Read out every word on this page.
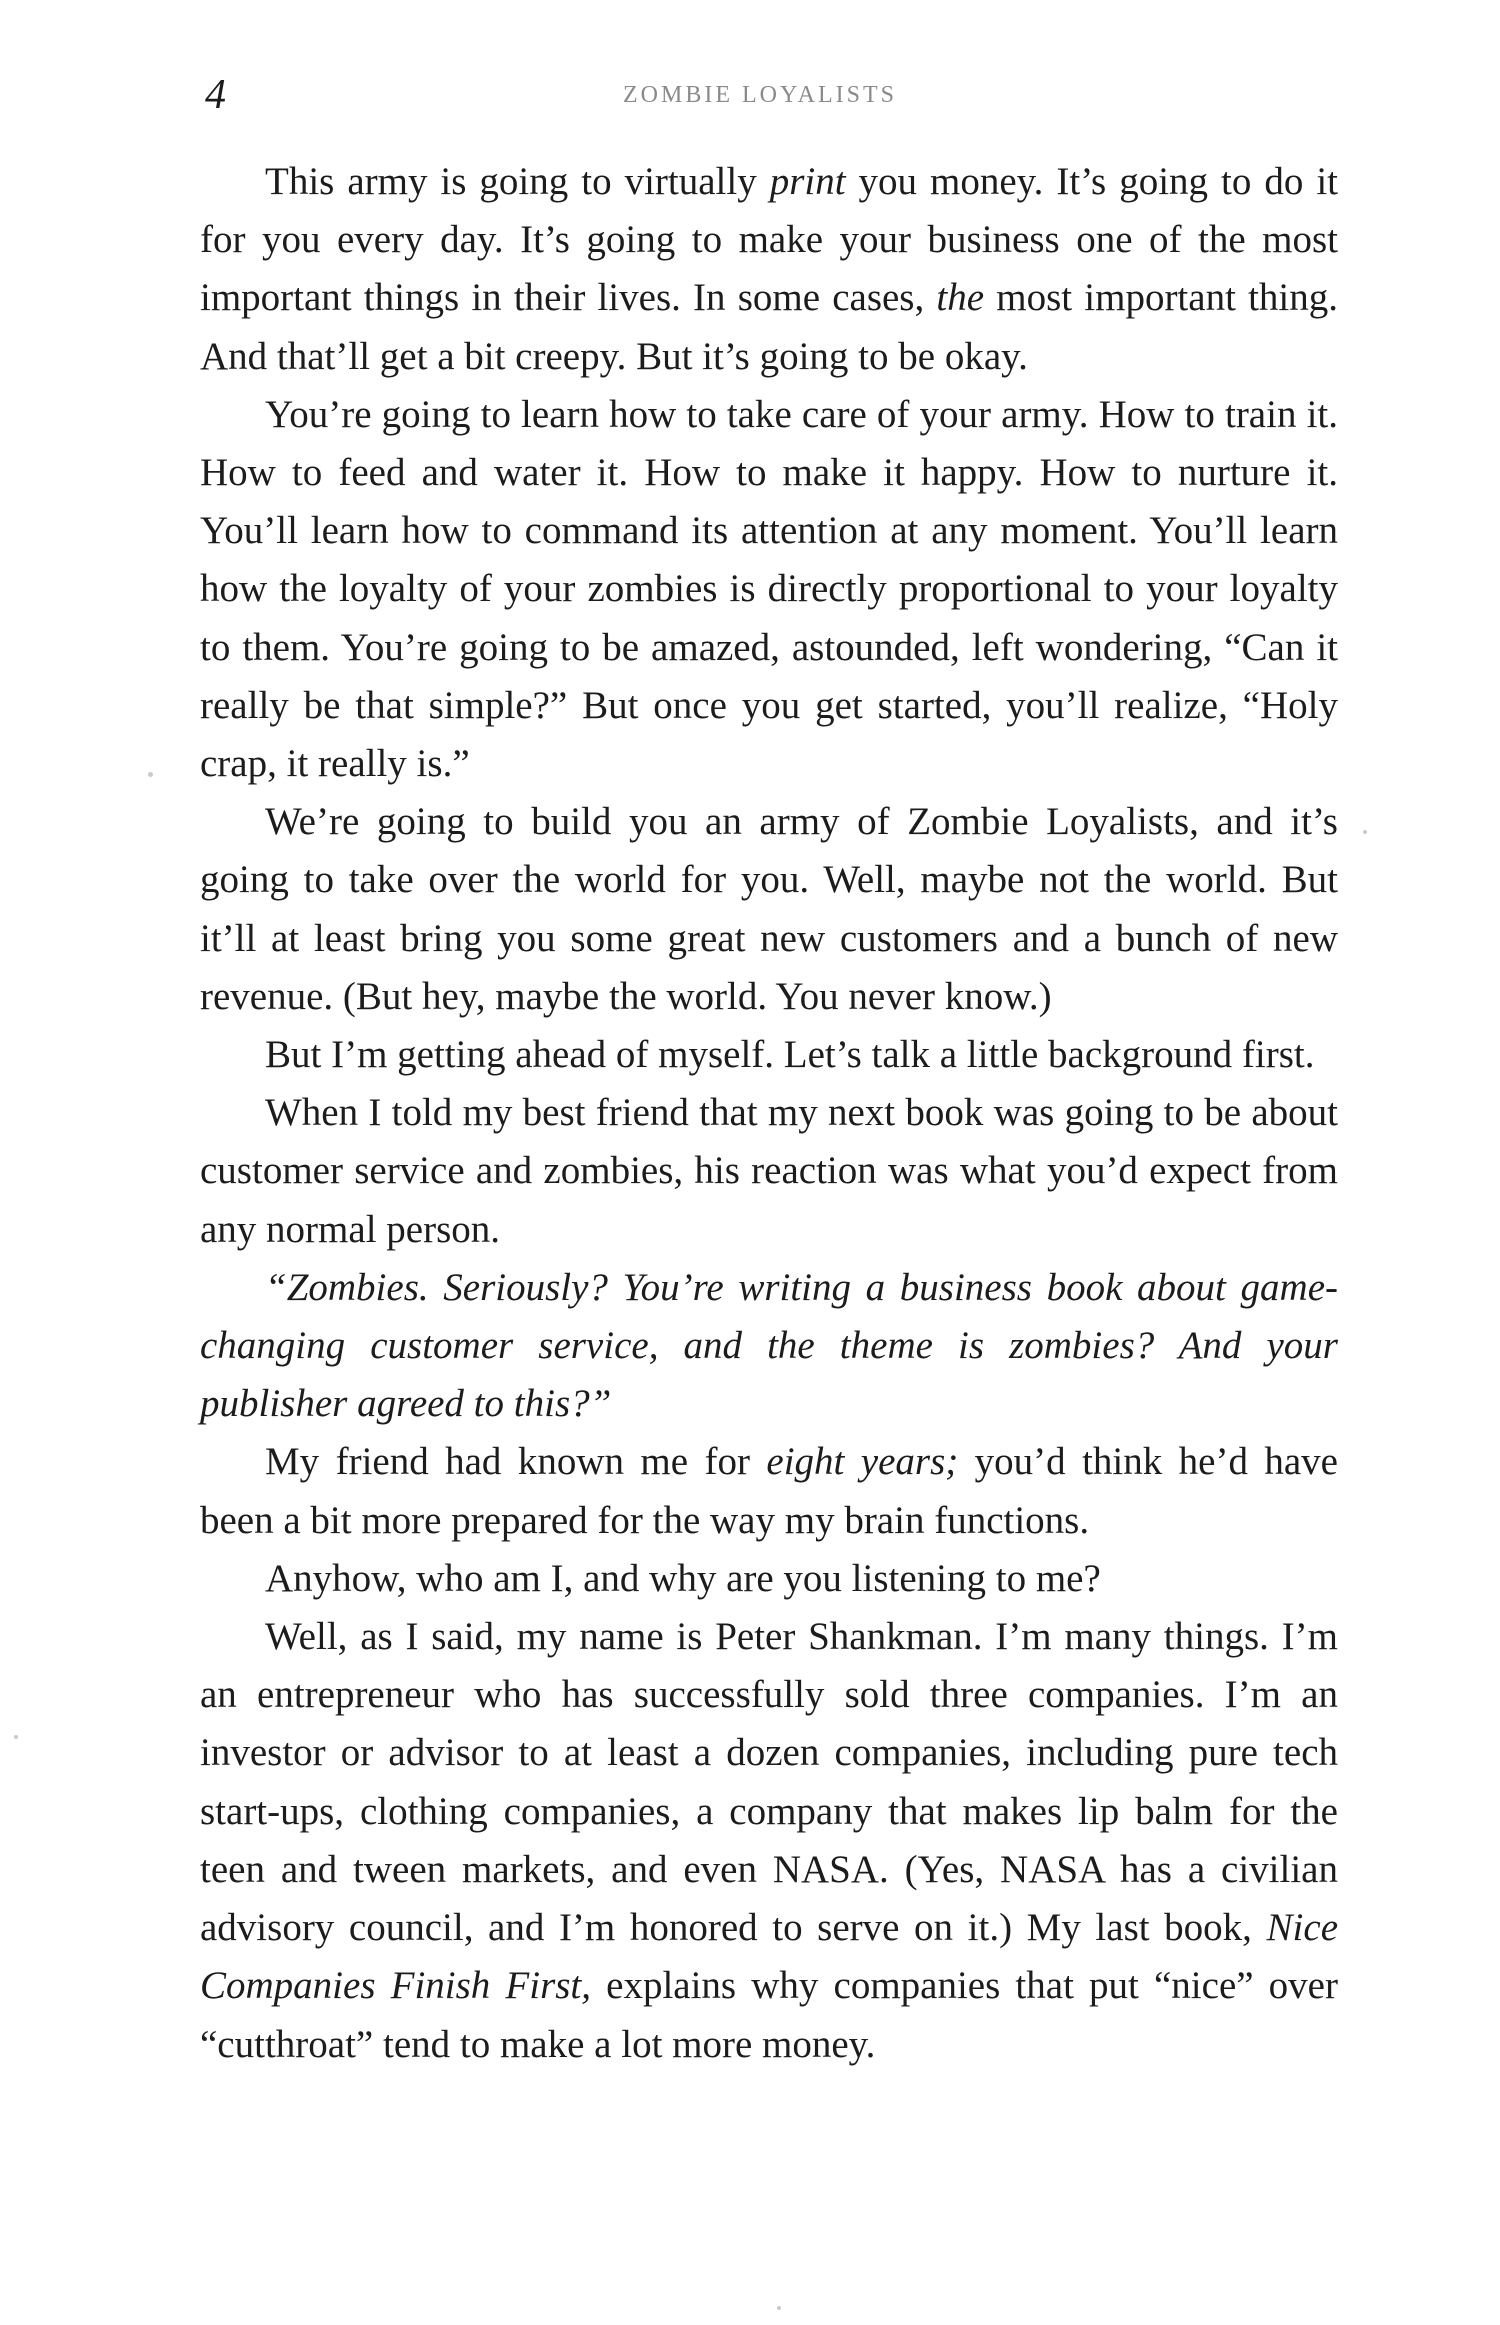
4	ZOMBIE LOYALISTS

This army is going to virtually print you money. It’s going to do it for you every day. It’s going to make your business one of the most important things in their lives. In some cases, the most important thing. And that’ll get a bit creepy. But it’s going to be okay.

You’re going to learn how to take care of your army. How to train it. How to feed and water it. How to make it happy. How to nurture it. You’ll learn how to command its attention at any moment. You’ll learn how the loyalty of your zombies is directly proportional to your loyalty to them. You’re going to be amazed, astounded, left wondering, “Can it really be that simple?” But once you get started, you’ll realize, “Holy crap, it really is.”

We’re going to build you an army of Zombie Loyalists, and it’s going to take over the world for you. Well, maybe not the world. But it’ll at least bring you some great new customers and a bunch of new revenue. (But hey, maybe the world. You never know.)

But I’m getting ahead of myself. Let’s talk a little background first.

When I told my best friend that my next book was going to be about customer service and zombies, his reaction was what you’d expect from any normal person.

“Zombies. Seriously? You’re writing a business book about game-changing customer service, and the theme is zombies? And your publisher agreed to this?”

My friend had known me for eight years; you’d think he’d have been a bit more prepared for the way my brain functions.

Anyhow, who am I, and why are you listening to me?

Well, as I said, my name is Peter Shankman. I’m many things. I’m an entrepreneur who has successfully sold three companies. I’m an investor or advisor to at least a dozen companies, including pure tech start-ups, clothing companies, a company that makes lip balm for the teen and tween markets, and even NASA. (Yes, NASA has a civilian advisory council, and I’m honored to serve on it.) My last book, Nice Companies Finish First, explains why companies that put “nice” over “cutthroat” tend to make a lot more money.
